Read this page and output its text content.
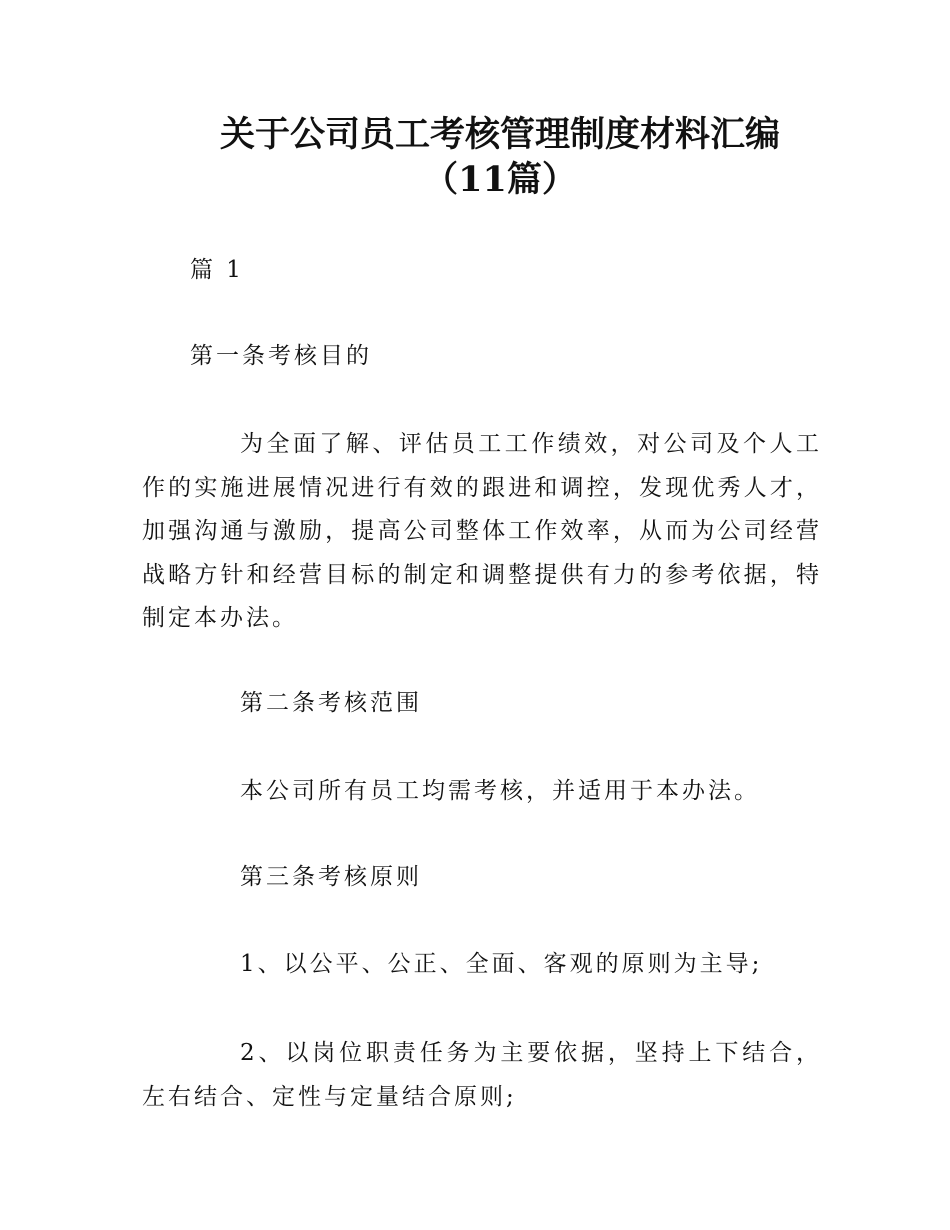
关于公司员工考核管理制度材料汇编
（11篇）
篇 1
第一条考核目的
为全面了解、评估员工工作绩效，对公司及个人工作的实施进展情况进行有效的跟进和调控，发现优秀人才，加强沟通与激励，提高公司整体工作效率，从而为公司经营战略方针和经营目标的制定和调整提供有力的参考依据，特制定本办法。
第二条考核范围
本公司所有员工均需考核，并适用于本办法。
第三条考核原则
1、以公平、公正、全面、客观的原则为主导;
2、以岗位职责任务为主要依据，坚持上下结合，左右结合、定性与定量结合原则;
